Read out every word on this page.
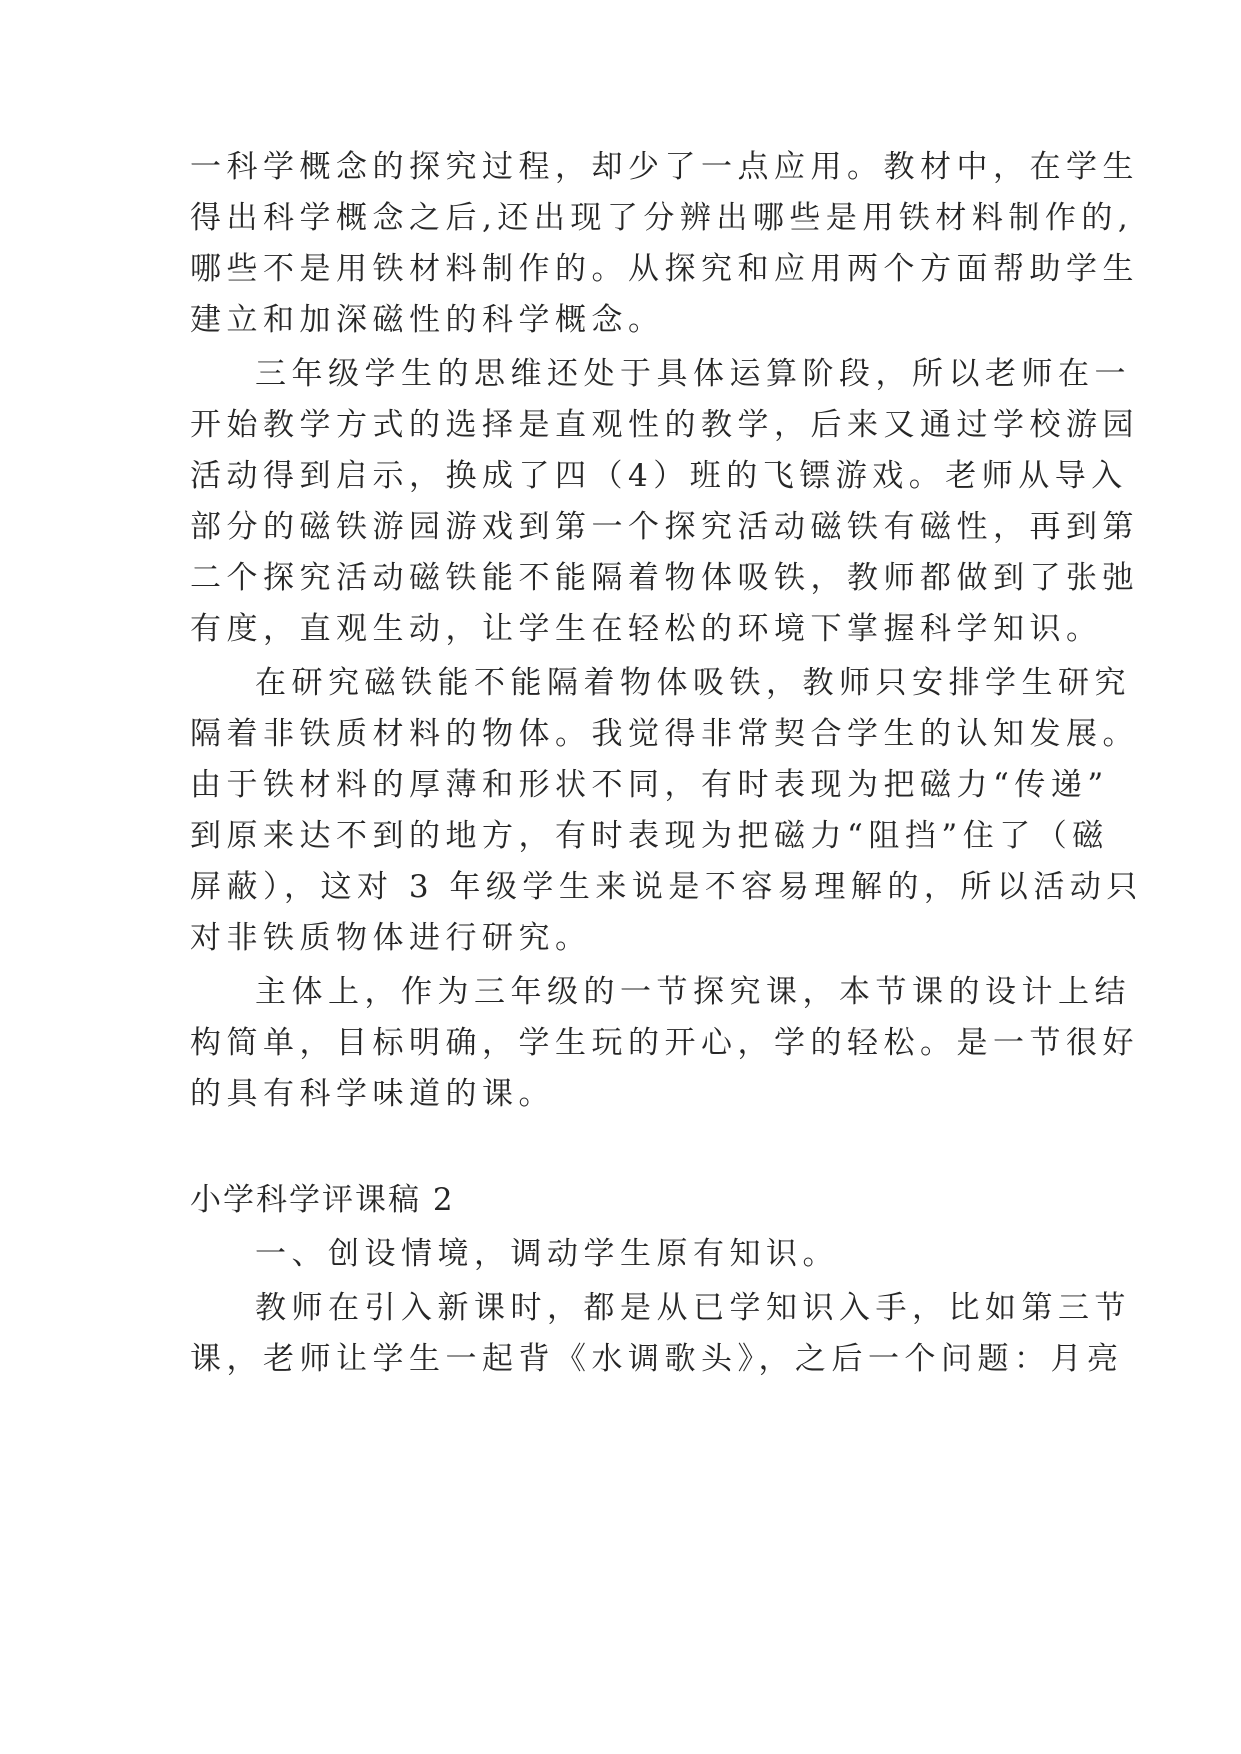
一科学概念的探究过程，却少了一点应用。教材中，在学生
得出科学概念之后,还出现了分辨出哪些是用铁材料制作的,
哪些不是用铁材料制作的。从探究和应用两个方面帮助学生
建立和加深磁性的科学概念。
三年级学生的思维还处于具体运算阶段，所以老师在一
开始教学方式的选择是直观性的教学，后来又通过学校游园
活动得到启示，换成了四（4）班的飞镖游戏。老师从导入
部分的磁铁游园游戏到第一个探究活动磁铁有磁性，再到第
二个探究活动磁铁能不能隔着物体吸铁，教师都做到了张弛
有度，直观生动，让学生在轻松的环境下掌握科学知识。
在研究磁铁能不能隔着物体吸铁，教师只安排学生研究
隔着非铁质材料的物体。我觉得非常契合学生的认知发展。
由于铁材料的厚薄和形状不同，有时表现为把磁力“传递”
到原来达不到的地方，有时表现为把磁力“阻挡”住了（磁
屏蔽），这对 3 年级学生来说是不容易理解的，所以活动只
对非铁质物体进行研究。
主体上，作为三年级的一节探究课，本节课的设计上结
构简单，目标明确，学生玩的开心，学的轻松。是一节很好
的具有科学味道的课。
小学科学评课稿 2
一、创设情境，调动学生原有知识。
教师在引入新课时，都是从已学知识入手，比如第三节
课，老师让学生一起背《水调歌头》，之后一个问题：月亮
